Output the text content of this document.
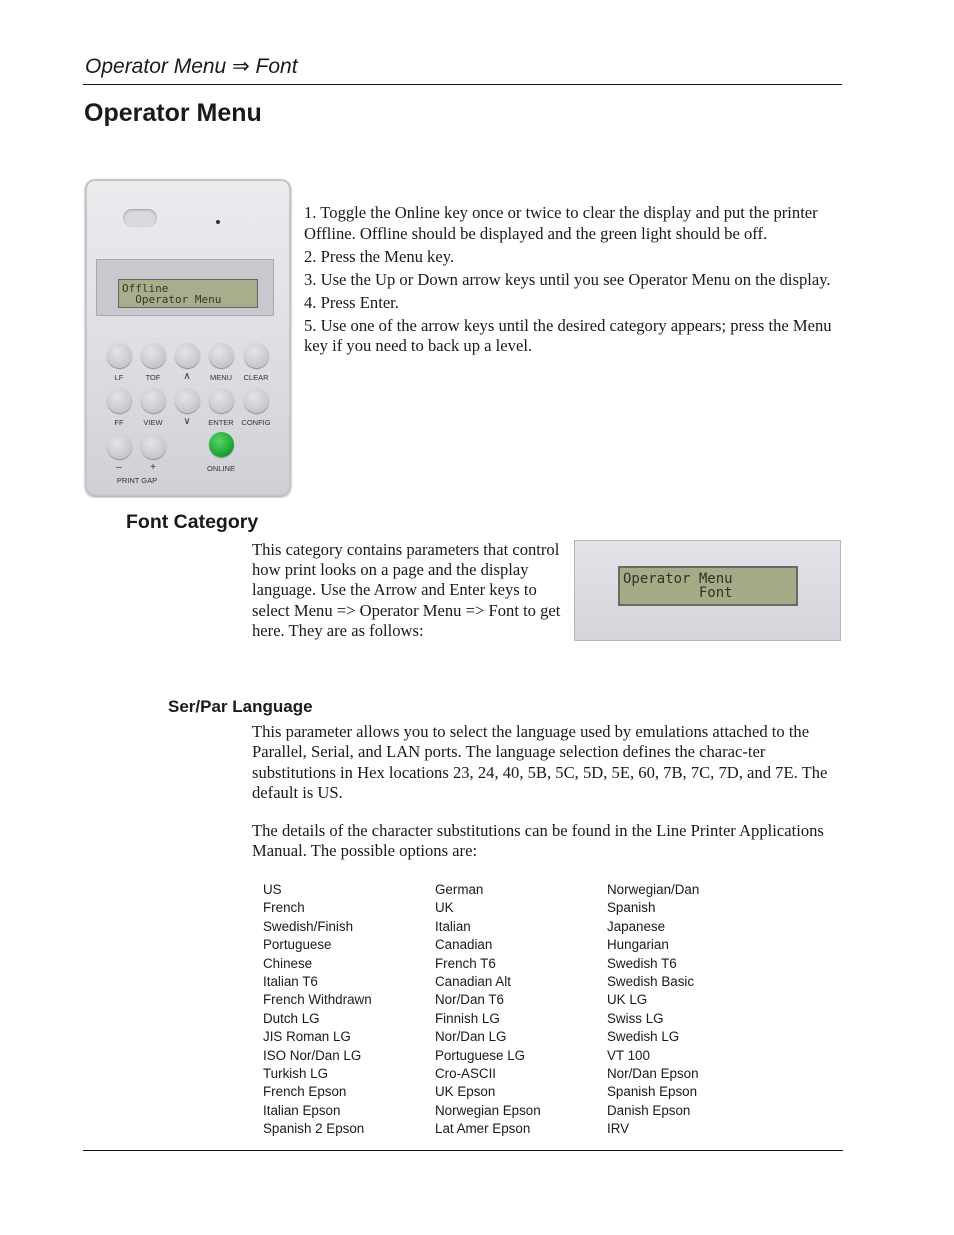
Operator Menu ⇒ Font
Operator Menu
Offline
Operator Menu
LF	TOF	∧	MENU	CLEAR
FF	VIEW	∨	ENTER	CONFIG
–	+
PRINT GAP
ONLINE

1. Toggle the Online key once or twice to clear the display and put the printer Offline. Offline should be displayed and the green light should be off.

2. Press the Menu key.

3. Use the Up or Down arrow keys until you see Operator Menu on the display.

4. Press Enter.

5. Use one of the arrow keys until the desired category appears; press the Menu key if you need to back up a level.

Font Category
This category contains parameters that control how print looks on a page and the display language. Use the Arrow and Enter keys to select Menu => Operator Menu => Font to get here. They are as follows:
Operator Menu
Font
Ser/Par Language
This parameter allows you to select the language used by emulations attached to the Parallel, Serial, and LAN ports. The language selection defines the charac-ter substitutions in Hex locations 23, 24, 40, 5B, 5C, 5D, 5E, 60, 7B, 7C, 7D, and 7E. The default is US.
The details of the character substitutions can be found in the Line Printer Applications Manual. The possible options are:
US	German	Norwegian/Dan
French	UK	Spanish
Swedish/Finish	Italian	Japanese
Portuguese	Canadian	Hungarian
Chinese	French T6	Swedish T6
Italian T6	Canadian Alt	Swedish Basic
French Withdrawn	Nor/Dan T6	UK LG
Dutch LG	Finnish LG	Swiss LG
JIS Roman LG	Nor/Dan LG	Swedish LG
ISO Nor/Dan LG	Portuguese LG	VT 100
Turkish LG	Cro-ASCII	Nor/Dan Epson
French Epson	UK Epson	Spanish Epson
Italian Epson	Norwegian Epson	Danish Epson
Spanish 2 Epson	Lat Amer Epson	IRV
